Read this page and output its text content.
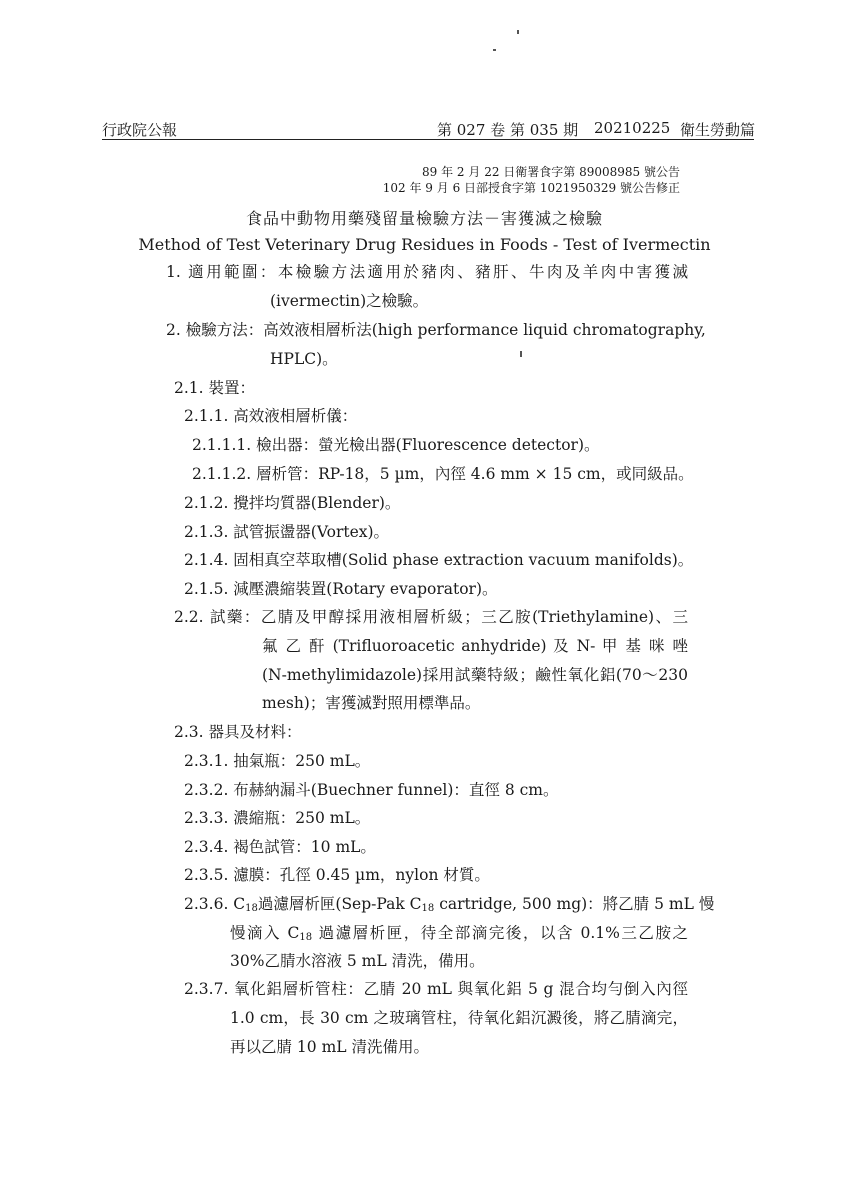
行政院公報	第 027 卷 第 035 期 20210225 衛生勞動篇
89 年 2 月 22 日衛署食字第 89008985 號公告
102 年 9 月 6 日部授食字第 1021950329 號公告修正
食品中動物用藥殘留量檢驗方法－害獲滅之檢驗
Method of Test Veterinary Drug Residues in Foods - Test of Ivermectin
1. 適用範圍：本檢驗方法適用於豬肉、豬肝、牛肉及羊肉中害獲滅
(ivermectin)之檢驗。
2. 檢驗方法：高效液相層析法(high performance liquid chromatography,
HPLC)。
2.1. 裝置：
2.1.1. 高效液相層析儀：
2.1.1.1. 檢出器：螢光檢出器(Fluorescence detector)。
2.1.1.2. 層析管：RP-18，5 µm，內徑 4.6 mm × 15 cm，或同級品。
2.1.2. 攪拌均質器(Blender)。
2.1.3. 試管振盪器(Vortex)。
2.1.4. 固相真空萃取槽(Solid phase extraction vacuum manifolds)。
2.1.5. 減壓濃縮裝置(Rotary evaporator)。
2.2. 試藥：乙腈及甲醇採用液相層析級；三乙胺(Triethylamine)、三
氟 乙 酐 (Trifluoroacetic anhydride) 及 N- 甲 基 咪 唑
(N-methylimidazole)採用試藥特級；鹼性氧化鋁(70～230
mesh)；害獲滅對照用標準品。
2.3. 器具及材料：
2.3.1. 抽氣瓶：250 mL。
2.3.2. 布赫納漏斗(Buechner funnel)：直徑 8 cm。
2.3.3. 濃縮瓶：250 mL。
2.3.4. 褐色試管：10 mL。
2.3.5. 濾膜：孔徑 0.45 µm，nylon 材質。
2.3.6. $C_{18}$過濾層析匣(Sep-Pak $C_{18}$ cartridge, 500 mg)：將乙腈 5 mL 慢
慢滴入 $C_{18}$ 過濾層析匣，待全部滴完後，以含 0.1%三乙胺之
30%乙腈水溶液 5 mL 清洗，備用。
2.3.7. 氧化鋁層析管柱：乙腈 20 mL 與氧化鋁 5 g 混合均勻倒入內徑
1.0 cm，長 30 cm 之玻璃管柱，待氧化鋁沉澱後，將乙腈滴完，
再以乙腈 10 mL 清洗備用。
